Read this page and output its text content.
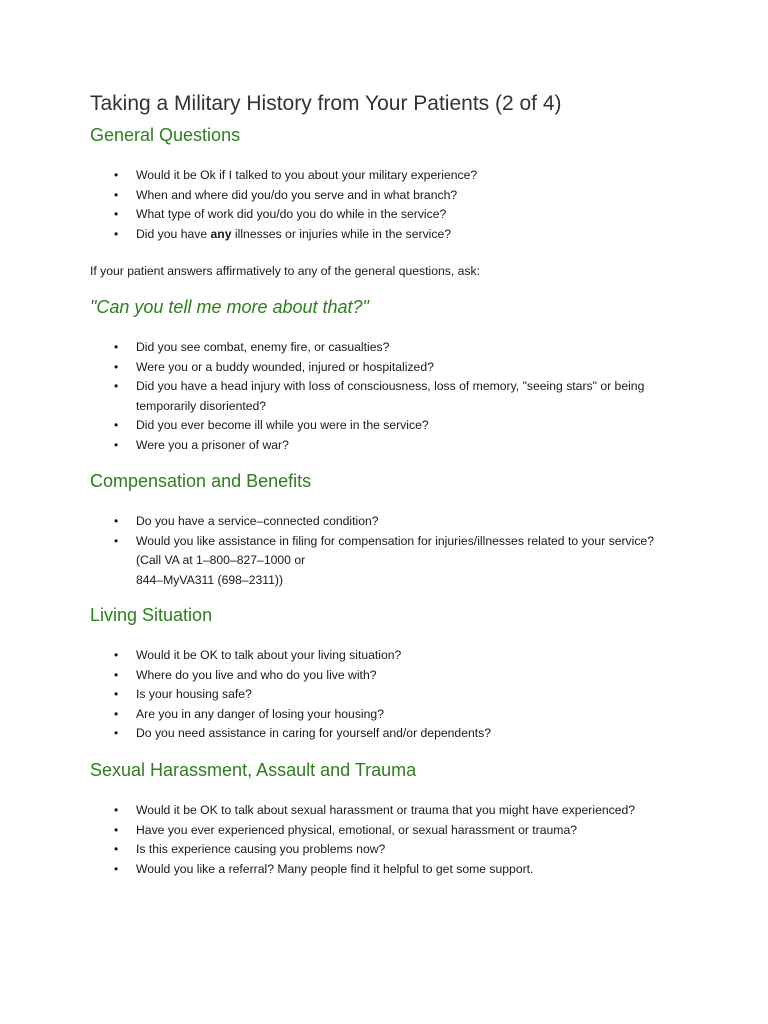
Taking a Military History from Your Patients (2 of 4)
General Questions
• Would it be Ok if I talked to you about your military experience?
• When and where did you/do you serve and in what branch?
• What type of work did you/do you do while in the service?
• Did you have any illnesses or injuries while in the service?

If your patient answers affirmatively to any of the general questions, ask:

"Can you tell me more about that?"
• Did you see combat, enemy fire, or casualties?
• Were you or a buddy wounded, injured or hospitalized?
• Did you have a head injury with loss of consciousness, loss of memory, "seeing stars" or being temporarily disoriented?
• Did you ever become ill while you were in the service?
• Were you a prisoner of war?
Compensation and Benefits
• Do you have a service–connected condition?
• Would you like assistance in filing for compensation for injuries/illnesses related to your service?
(Call VA at 1–800–827–1000 or
844–MyVA311 (698–2311))
Living Situation
• Would it be OK to talk about your living situation?
• Where do you live and who do you live with?
• Is your housing safe?
• Are you in any danger of losing your housing?
• Do you need assistance in caring for yourself and/or dependents?
Sexual Harassment, Assault and Trauma
• Would it be OK to talk about sexual harassment or trauma that you might have experienced?
• Have you ever experienced physical, emotional, or sexual harassment or trauma?
• Is this experience causing you problems now?
• Would you like a referral? Many people find it helpful to get some support.
